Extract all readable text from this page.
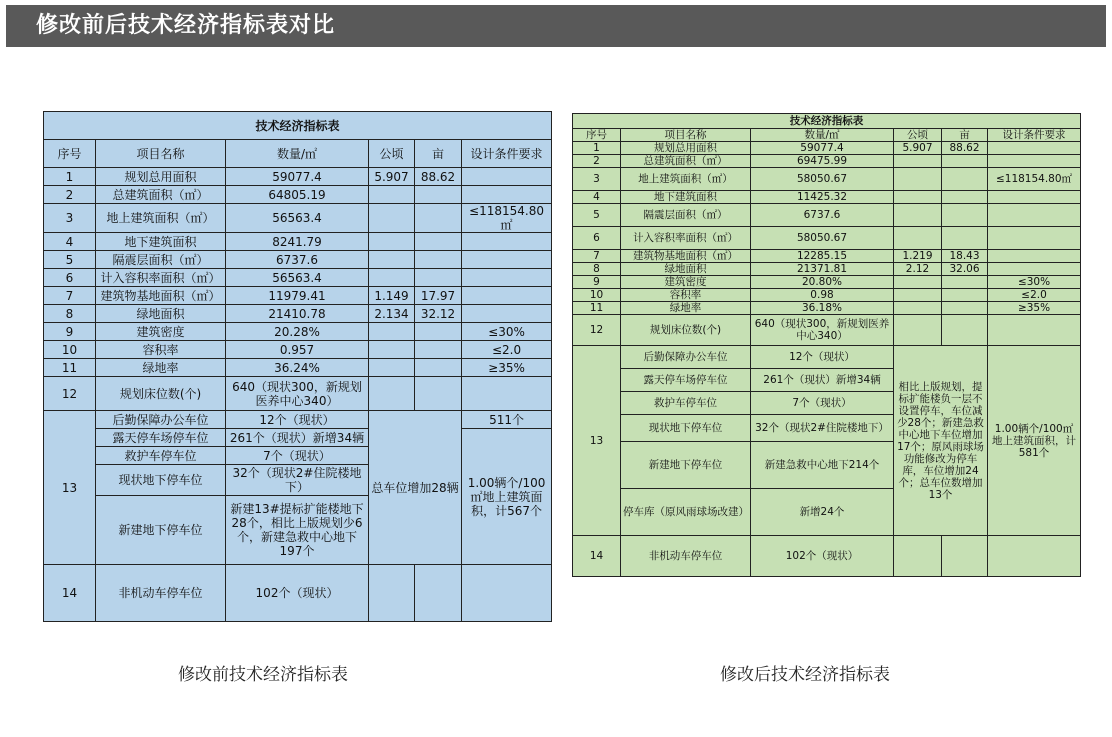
修改前后技术经济指标表对比
技术经济指标表					
序号	项目名称	数量/㎡	公顷	亩	设计条件要求
1	规划总用面积	59077.4	5.907	88.62	
2	总建筑面积（㎡）	64805.19			
3	地上建筑面积（㎡）	56563.4			≤118154.80㎡
4	地下建筑面积	8241.79			
5	隔震层面积（㎡）	6737.6			
6	计入容积率面积（㎡）	56563.4			
7	建筑物基地面积（㎡）	11979.41	1.149	17.97	
8	绿地面积	21410.78	2.134	32.12	
9	建筑密度	20.28%			≤30%
10	容积率	0.957			≤2.0
11	绿地率	36.24%			≥35%
12	规划床位数(个)	640（现状300，新规划医养中心340）			
13	后勤保障办公车位	12个（现状）	总车位增加28辆		511个
	露天停车场停车位	261个（现状）新增34辆			1.00辆个/100㎡地上建筑面积，计567个
	救护车停车位	7个（现状）			
	现状地下停车位	32个（现状2#住院楼地下）			
	新建地下停车位	新建13#提标扩能楼地下28个，相比上版规划少6个，新建急救中心地下197个			
14	非机动车停车位	102个（现状）			
技术经济指标表					
序号	项目名称	数量/㎡	公顷	亩	设计条件要求
1	规划总用面积	59077.4	5.907	88.62	
2	总建筑面积（㎡）	69475.99			
3	地上建筑面积（㎡）	58050.67			≤118154.80㎡
4	地下建筑面积	11425.32			
5	隔震层面积（㎡）	6737.6			
6	计入容积率面积（㎡）	58050.67			
7	建筑物基地面积（㎡）	12285.15	1.219	18.43	
8	绿地面积	21371.81	2.12	32.06	
9	建筑密度	20.80%			≤30%
10	容积率	0.98			≤2.0
11	绿地率	36.18%			≥35%
12	规划床位数(个)	640（现状300，新规划医养中心340）			
13	后勤保障办公车位	12个（现状）	相比上版规划，提标扩能楼负一层不设置停车，车位减少28个；新建急救中心地下车位增加17个；原风雨球场功能修改为停车库，车位增加24个；总车位数增加13个		1.00辆个/100㎡地上建筑面积，计581个
	露天停车场停车位	261个（现状）新增34辆			
	救护车停车位	7个（现状）			
	现状地下停车位	32个（现状2#住院楼地下）			
	新建地下停车位	新建急救中心地下214个			
	停车库（原风雨球场改建）	新增24个			
14	非机动车停车位	102个（现状）			
修改前技术经济指标表	修改后技术经济指标表
